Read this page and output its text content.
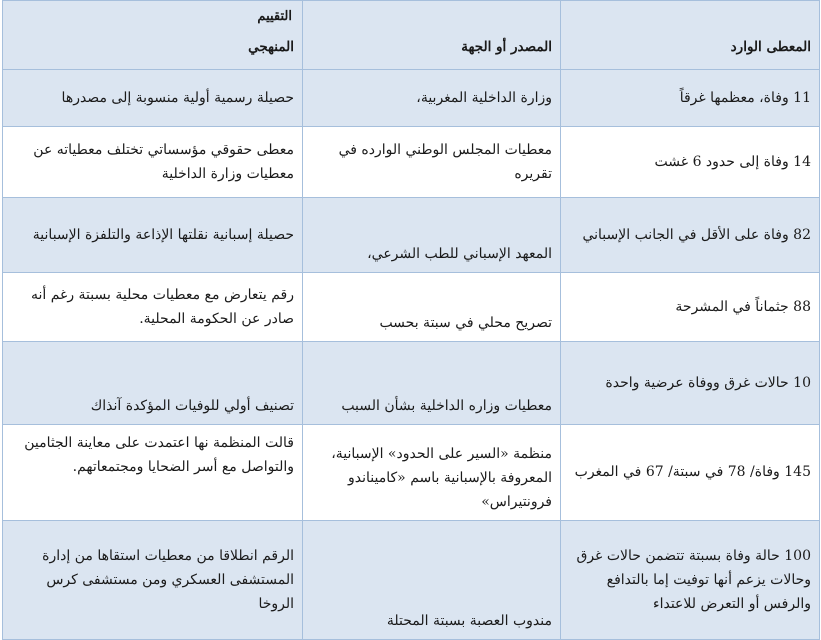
المعطى الوارد	المصدر أو الجهة	التقييم
المنهجي

11 وفاة، معظمها غرقاً	وزارة الداخلية المغربية،	حصيلة رسمية أولية منسوبة إلى مصدرها
14 وفاة إلى حدود 6 غشت	معطيات المجلس الوطني الوارده في تقريره	معطى حقوقي مؤسساتي تختلف معطياته عن معطيات وزارة الداخلية
82 وفاة على الأقل في الجانب الإسباني	المعهد الإسباني للطب الشرعي،	حصيلة إسبانية نقلتها الإذاعة والتلفزة الإسبانية
88 جثماناً في المشرحة	تصريح محلي في سبتة بحسب	رقم يتعارض مع معطيات محلية بسبتة رغم أنه صادر عن الحكومة المحلية.
10 حالات غرق ووفاة عرضية واحدة	معطيات وزاره الداخلية بشأن السبب	تصنيف أولي للوفيات المؤكدة آنذاك
145 وفاة/ 78 في سبتة/ 67 في المغرب	منظمة «السير على الحدود» الإسبانية، المعروفة بالإسبانية باسم «كاميناندو فرونتيراس»	قالت المنظمة نها اعتمدت على معاينة الجثامين والتواصل مع أسر الضحايا ومجتمعاتهم.
100 حالة وفاة بسبتة تتضمن حالات غرق وحالات يزعم أنها توفيت إما بالتدافع والرفس أو التعرض للاعتداء	مندوب العصبة بسبتة المحتلة	الرقم انطلاقا من معطيات استقاها من إدارة المستشفى العسكري ومن مستشفى كرس الروخا
